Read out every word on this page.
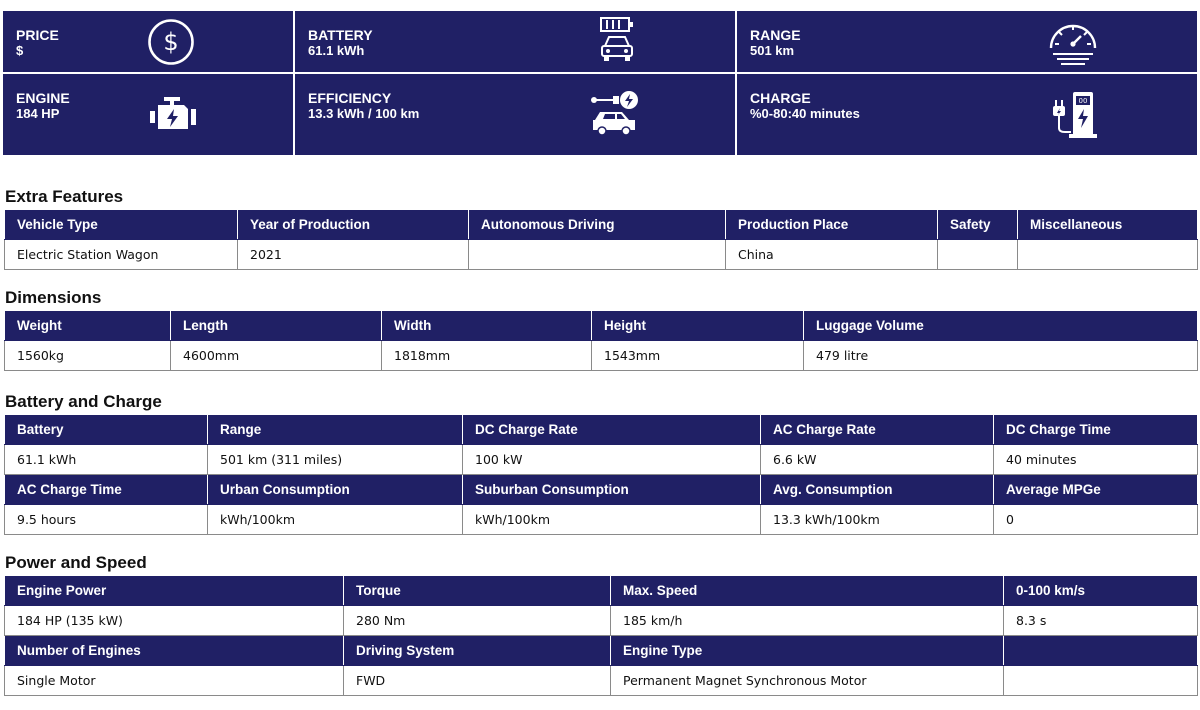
PRICE
$	$	BATTERY
61.1 kWh
RANGE
501 km
ENGINE
184 HP
EFFICIENCY
13.3 kWh / 100 km
CHARGE
%0-80:40 minutes
00
Extra Features
Vehicle Type	Year of Production	Autonomous Driving	Production Place	Safety	Miscellaneous
Electric Station Wagon	2021		China		
Dimensions
Weight	Length	Width	Height	Luggage Volume
1560kg	4600mm	1818mm	1543mm	479 litre
Battery and Charge
Battery	Range	DC Charge Rate	AC Charge Rate	DC Charge Time
61.1 kWh	501 km (311 miles)	100 kW	6.6 kW	40 minutes
AC Charge Time	Urban Consumption	Suburban Consumption	Avg. Consumption	Average MPGe
9.5 hours	kWh/100km	kWh/100km	13.3 kWh/100km	0
Power and Speed
Engine Power	Torque	Max. Speed	0-100 km/s
184 HP (135 kW)	280 Nm	185 km/h	8.3 s
Number of Engines	Driving System	Engine Type	
Single Motor	FWD	Permanent Magnet Synchronous Motor	
